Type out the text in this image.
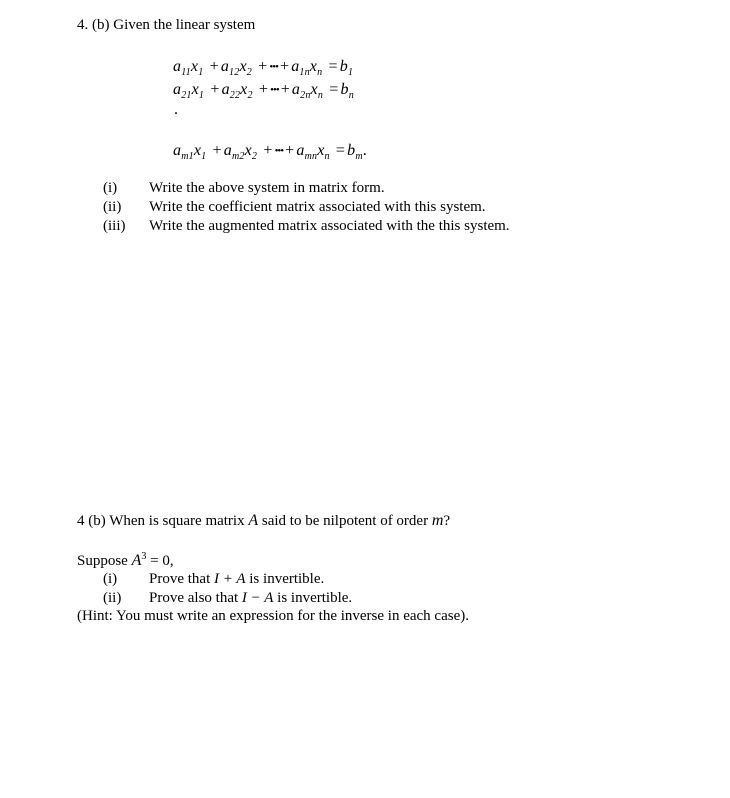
4. (b) Given the linear system
$a_{11}x_1 + a_{12}x_2$ + ••• + $a_{1n}x_n = b_1$
$a_{21}x_1 + a_{22}x_2$ + ••• + $a_{2n}x_n = b_n$
.
$a_{m1}x_1 + a_{m2}x_2$ + ••• + $a_{mn}x_n = b_m$.
(i) Write the above system in matrix form.
(ii) Write the coefficient matrix associated with this system.
(iii) Write the augmented matrix associated with the this system.
4 (b) When is square matrix A said to be nilpotent of order m?
Suppose $A^3 = 0$,
(i) Prove that I + A is invertible.
(ii) Prove also that I − A is invertible.
(Hint: You must write an expression for the inverse in each case).
